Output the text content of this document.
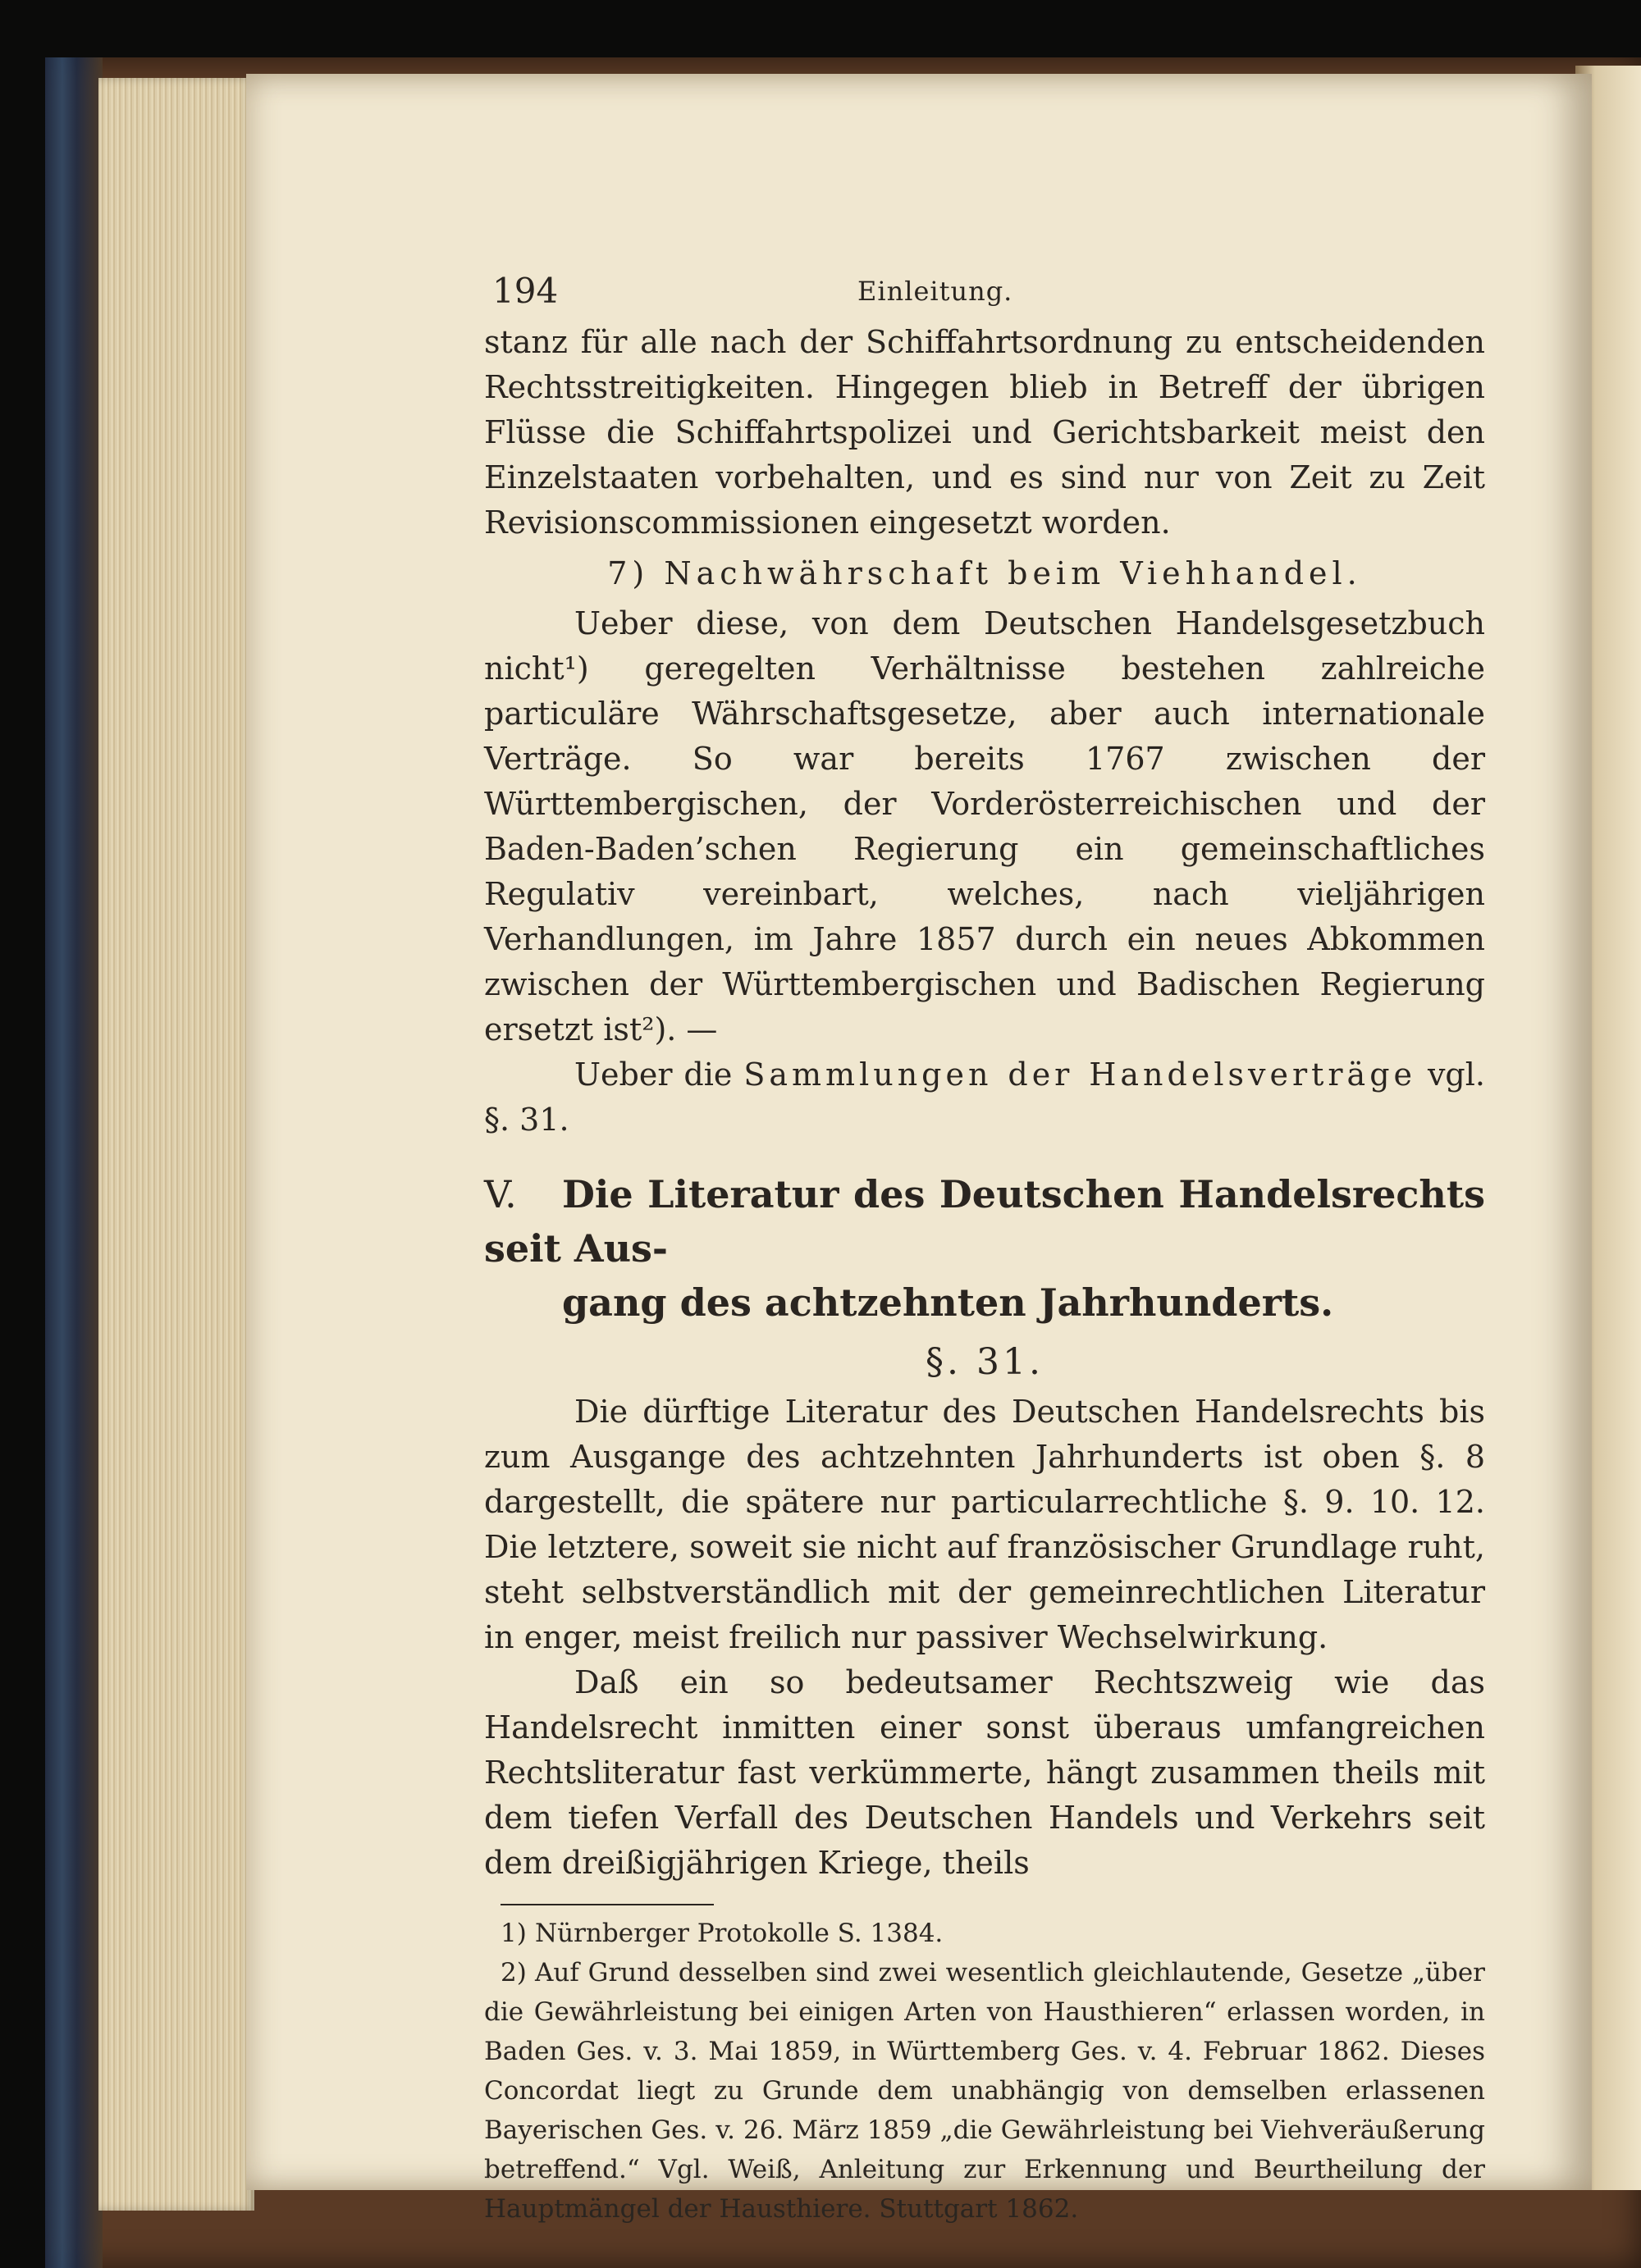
194	Einleitung.

stanz für alle nach der Schiffahrtsordnung zu entscheidenden Rechtsstreitigkeiten. Hingegen blieb in Betreff der übrigen Flüsse die Schiffahrtspolizei und Gerichtsbarkeit meist den Einzelstaaten vorbehalten, und es sind nur von Zeit zu Zeit Revisionscommissionen eingesetzt worden.

7) Nachwährschaft beim Viehhandel.

Ueber diese, von dem Deutschen Handelsgesetzbuch nicht¹) geregelten Verhältnisse bestehen zahlreiche particuläre Währschaftsgesetze, aber auch internationale Verträge. So war bereits 1767 zwischen der Württembergischen, der Vorderösterreichischen und der Baden-Baden’schen Regierung ein gemeinschaftliches Regulativ vereinbart, welches, nach vieljährigen Verhandlungen, im Jahre 1857 durch ein neues Abkommen zwischen der Württembergischen und Badischen Regierung ersetzt ist²). —

Ueber die Sammlungen der Handelsverträge vgl. §. 31.

V. Die Literatur des Deutschen Handelsrechts seit Aus-
gang des achtzehnten Jahrhunderts.
§. 31.

Die dürftige Literatur des Deutschen Handelsrechts bis zum Ausgange des achtzehnten Jahrhunderts ist oben §. 8 dargestellt, die spätere nur particularrechtliche §. 9. 10. 12. Die letztere, soweit sie nicht auf französischer Grundlage ruht, steht selbstverständlich mit der gemeinrechtlichen Literatur in enger, meist freilich nur passiver Wechselwirkung.

Daß ein so bedeutsamer Rechtszweig wie das Handelsrecht inmitten einer sonst überaus umfangreichen Rechtsliteratur fast verkümmerte, hängt zusammen theils mit dem tiefen Verfall des Deutschen Handels und Verkehrs seit dem dreißigjährigen Kriege, theils

1) Nürnberger Protokolle S. 1384.

2) Auf Grund desselben sind zwei wesentlich gleichlautende, Gesetze „über die Gewährleistung bei einigen Arten von Hausthieren“ erlassen worden, in Baden Ges. v. 3. Mai 1859, in Württemberg Ges. v. 4. Februar 1862. Dieses Concordat liegt zu Grunde dem unabhängig von demselben erlassenen Bayerischen Ges. v. 26. März 1859 „die Gewährleistung bei Viehveräußerung betreffend.“ Vgl. Weiß, Anleitung zur Erkennung und Beurtheilung der Hauptmängel der Hausthiere. Stuttgart 1862.
